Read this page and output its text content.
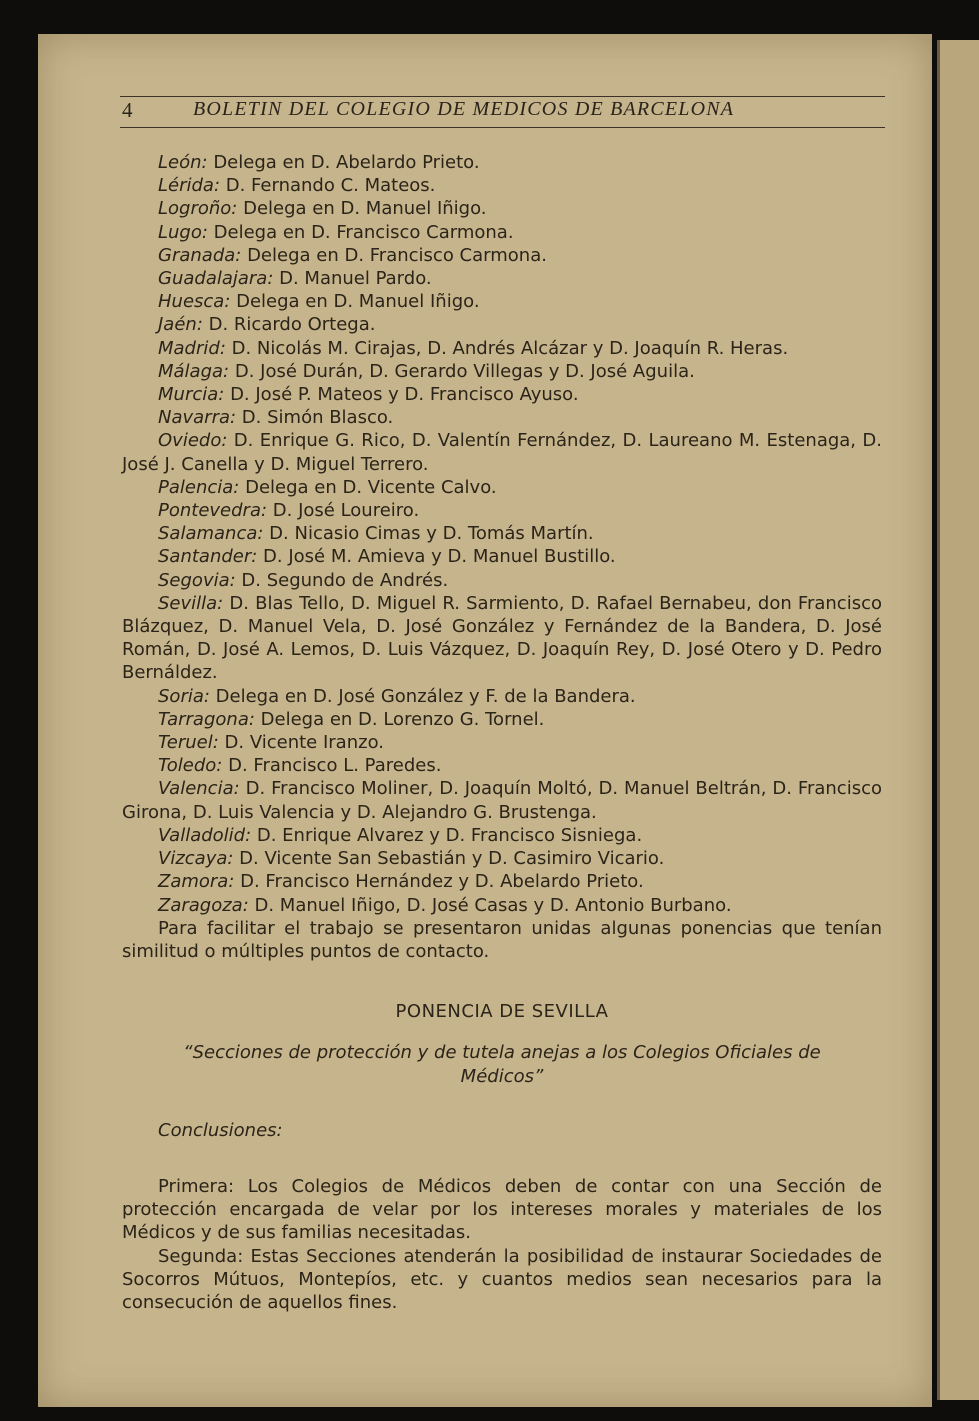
4	BOLETIN DEL COLEGIO DE MEDICOS DE BARCELONA

León: Delega en D. Abelardo Prieto.

Lérida: D. Fernando C. Mateos.

Logroño: Delega en D. Manuel Iñigo.

Lugo: Delega en D. Francisco Carmona.

Granada: Delega en D. Francisco Carmona.

Guadalajara: D. Manuel Pardo.

Huesca: Delega en D. Manuel Iñigo.

Jaén: D. Ricardo Ortega.

Madrid: D. Nicolás M. Cirajas, D. Andrés Alcázar y D. Joaquín R. Heras.

Málaga: D. José Durán, D. Gerardo Villegas y D. José Aguila.

Murcia: D. José P. Mateos y D. Francisco Ayuso.

Navarra: D. Simón Blasco.

Oviedo: D. Enrique G. Rico, D. Valentín Fernández, D. Laureano M. Estenaga, D. José J. Canella y D. Miguel Terrero.

Palencia: Delega en D. Vicente Calvo.

Pontevedra: D. José Loureiro.

Salamanca: D. Nicasio Cimas y D. Tomás Martín.

Santander: D. José M. Amieva y D. Manuel Bustillo.

Segovia: D. Segundo de Andrés.

Sevilla: D. Blas Tello, D. Miguel R. Sarmiento, D. Rafael Bernabeu, don Francisco Blázquez, D. Manuel Vela, D. José González y Fernández de la Bandera, D. José Román, D. José A. Lemos, D. Luis Vázquez, D. Joaquín Rey, D. José Otero y D. Pedro Bernáldez.

Soria: Delega en D. José González y F. de la Bandera.

Tarragona: Delega en D. Lorenzo G. Tornel.

Teruel: D. Vicente Iranzo.

Toledo: D. Francisco L. Paredes.

Valencia: D. Francisco Moliner, D. Joaquín Moltó, D. Manuel Beltrán, D. Francisco Girona, D. Luis Valencia y D. Alejandro G. Brustenga.

Valladolid: D. Enrique Alvarez y D. Francisco Sisniega.

Vizcaya: D. Vicente San Sebastián y D. Casimiro Vicario.

Zamora: D. Francisco Hernández y D. Abelardo Prieto.

Zaragoza: D. Manuel Iñigo, D. José Casas y D. Antonio Burbano.

Para facilitar el trabajo se presentaron unidas algunas ponencias que tenían similitud o múltiples puntos de contacto.

PONENCIA DE SEVILLA

“Secciones de protección y de tutela anejas a los Colegios Oficiales de Médicos”

Conclusiones:

Primera: Los Colegios de Médicos deben de contar con una Sección de protección encargada de velar por los intereses morales y materiales de los Médicos y de sus familias necesitadas.

Segunda: Estas Secciones atenderán la posibilidad de instaurar Sociedades de Socorros Mútuos, Montepíos, etc. y cuantos medios sean necesarios para la consecución de aquellos fines.
